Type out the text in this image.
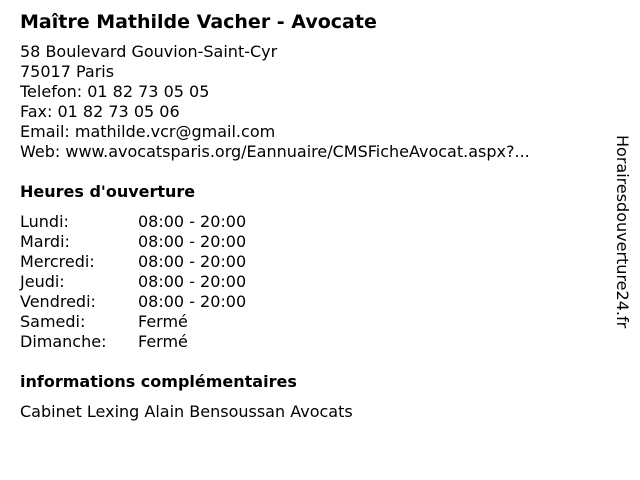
Maître Mathilde Vacher - Avocate
58 Boulevard Gouvion-Saint-Cyr
75017 Paris
Telefon: 01 82 73 05 05
Fax: 01 82 73 05 06
Email: mathilde.vcr@gmail.com
Web: www.avocatsparis.org/Eannuaire/CMSFicheAvocat.aspx?...
Heures d'ouverture
Lundi:	08:00 - 20:00
Mardi:	08:00 - 20:00
Mercredi:	08:00 - 20:00
Jeudi:	08:00 - 20:00
Vendredi:	08:00 - 20:00
Samedi:	Fermé
Dimanche: Fermé
informations complémentaires
Cabinet Lexing Alain Bensoussan Avocats
Horairesdouverture24.fr
